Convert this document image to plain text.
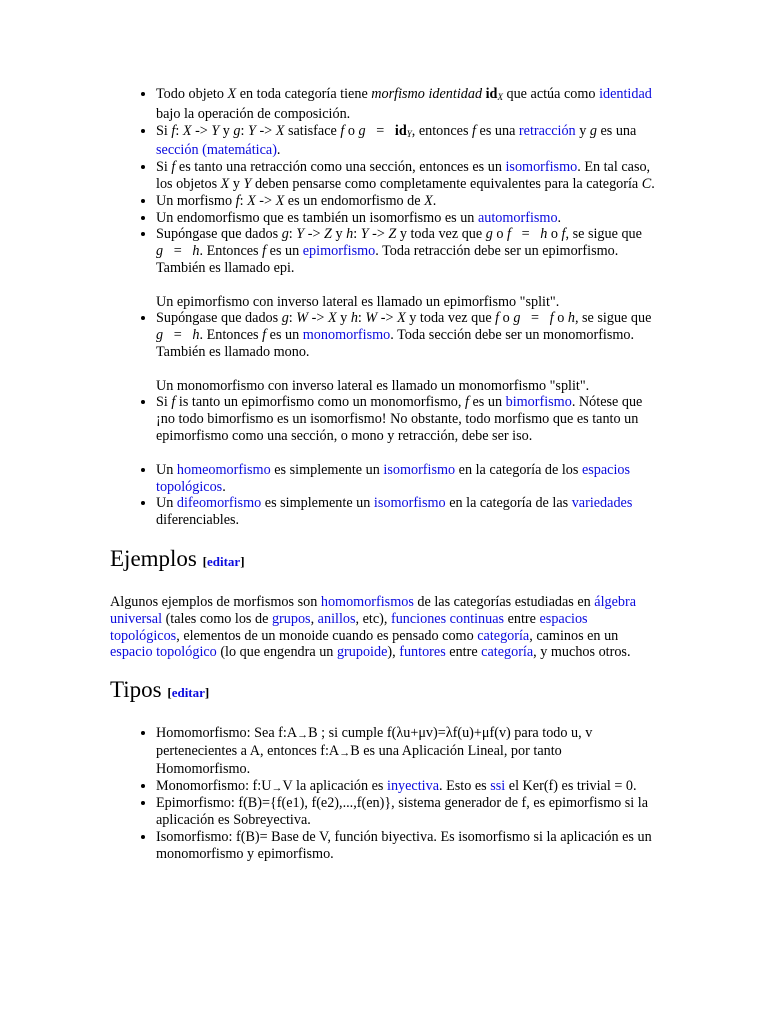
• Todo objeto X en toda categoría tiene morfismo identidad $id_X$ que actúa como identidad bajo la operación de composición.
• Si f: X -> Y y g: Y -> X satisface f o $g = id_Y$, entonces f es una retracción y g es una sección (matemática).
• Si f es tanto una retracción como una sección, entonces es un isomorfismo. En tal caso, los objetos X y Y deben pensarse como completamente equivalentes para la categoría C.
• Un morfismo f: X -> X es un endomorfismo de X.
• Un endomorfismo que es también un isomorfismo es un automorfismo.
• Supóngase que dados g: Y -> Z y h: Y -> Z y toda vez que g o f   =   h o f, se sigue que g   =   h. Entonces f es un epimorfismo. Toda retracción debe ser un epimorfismo. También es llamado epi.
Un epimorfismo con inverso lateral es llamado un epimorfismo "split".
• Supóngase que dados g: W -> X y h: W -> X y toda vez que f o g   =   f o h, se sigue que g   =   h. Entonces f es un monomorfismo. Toda sección debe ser un monomorfismo. También es llamado mono.
Un monomorfismo con inverso lateral es llamado un monomorfismo "split".
• Si f is tanto un epimorfismo como un monomorfismo, f es un bimorfismo. Nótese que ¡no todo bimorfismo es un isomorfismo! No obstante, todo morfismo que es tanto un epimorfismo como una sección, o mono y retracción, debe ser iso.
• Un homeomorfismo es simplemente un isomorfismo en la categoría de los espacios topológicos.
• Un difeomorfismo es simplemente un isomorfismo en la categoría de las variedades diferenciables.
Ejemplos [editar]

Algunos ejemplos de morfismos son homomorfismos de las categorías estudiadas en álgebra universal (tales como los de grupos, anillos, etc), funciones continuas entre espacios topológicos, elementos de un monoide cuando es pensado como categoría, caminos en un espacio topológico (lo que engendra un grupoide), funtores entre categoría, y muchos otros.

Tipos [editar]
• Homomorfismo: Sea f:A→B ; si cumple f(λu+μv)=λf(u)+μf(v) para todo u, v pertenecientes a A, entonces f:A→B es una Aplicación Lineal, por tanto Homomorfismo.
• Monomorfismo: f:U→V la aplicación es inyectiva. Esto es ssi el Ker(f) es trivial = 0.
• Epimorfismo: f(B)={f(e1), f(e2),...,f(en)}, sistema generador de f, es epimorfismo si la aplicación es Sobreyectiva.
• Isomorfismo: f(B)= Base de V, función biyectiva. Es isomorfismo si la aplicación es un monomorfismo y epimorfismo.
